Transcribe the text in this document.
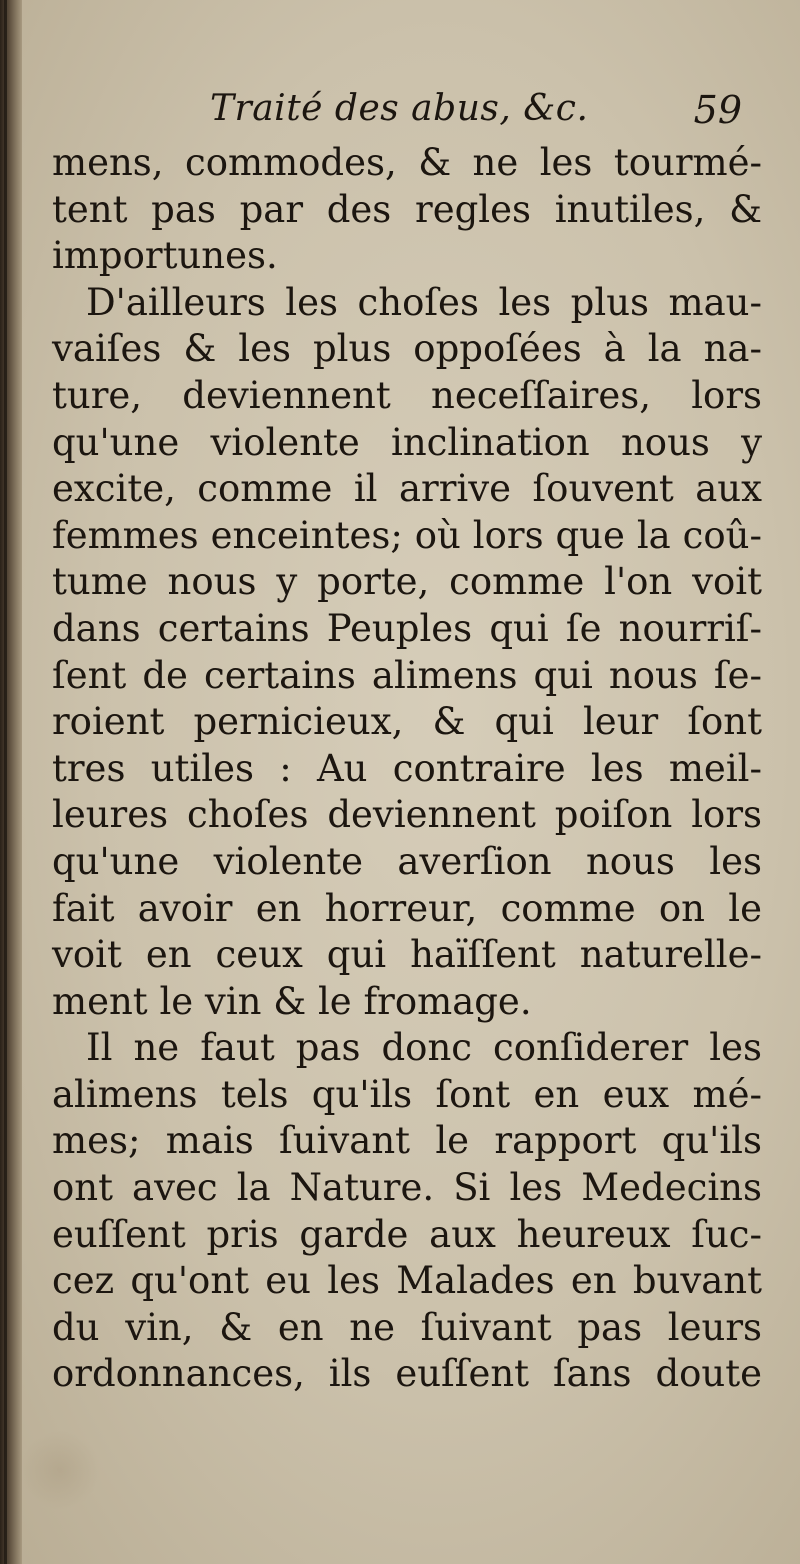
Traité des abus, &c.	59
mens, commodes, & ne les tourmé-
tent pas par des regles inutiles, &
importunes.
D'ailleurs les choſes les plus mau-
vaiſes & les plus oppoſées à la na-
ture, deviennent neceſſaires, lors
qu'une violente inclination nous y
excite, comme il arrive ſouvent aux
femmes enceintes; où lors que la coû-
tume nous y porte, comme l'on voit
dans certains Peuples qui ſe nourriſ-
ſent de certains alimens qui nous ſe-
roient pernicieux, & qui leur ſont
tres utiles : Au contraire les meil-
leures choſes deviennent poiſon lors
qu'une violente averſion nous les
fait avoir en horreur, comme on le
voit en ceux qui haïſſent naturelle-
ment le vin & le fromage.
Il ne faut pas donc conſiderer les
alimens tels qu'ils ſont en eux mé-
mes; mais ſuivant le rapport qu'ils
ont avec la Nature. Si les Medecins
euſſent pris garde aux heureux ſuc-
cez qu'ont eu les Malades en buvant
du vin, & en ne ſuivant pas leurs
ordonnances, ils euſſent ſans doute
